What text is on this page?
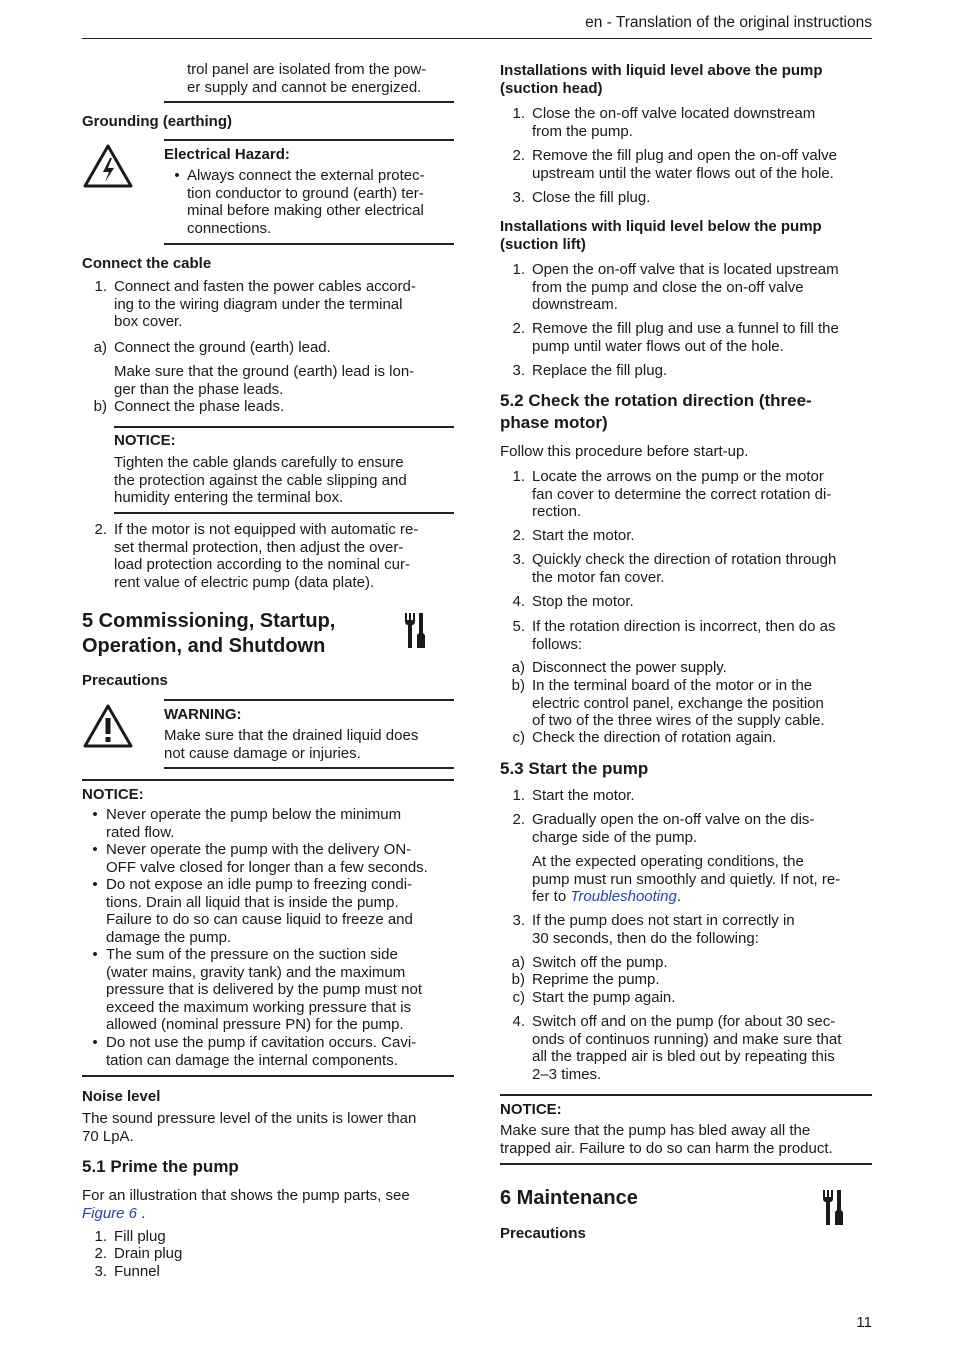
en - Translation of the original instructions
trol panel are isolated from the pow-
er supply and cannot be energized.
Grounding (earthing)
Electrical Hazard:
• Always connect the external protec-
tion conductor to ground (earth) ter-
minal before making other electrical
connections.
Connect the cable
1. Connect and fasten the power cables accord-
ing to the wiring diagram under the terminal
box cover.
a) Connect the ground (earth) lead.
Make sure that the ground (earth) lead is lon-
ger than the phase leads.
b) Connect the phase leads.
NOTICE:
Tighten the cable glands carefully to ensure
the protection against the cable slipping and
humidity entering the terminal box.
2. If the motor is not equipped with automatic re-
set thermal protection, then adjust the over-
load protection according to the nominal cur-
rent value of electric pump (data plate).
5 Commissioning, Startup,
Operation, and Shutdown
Precautions
WARNING:
Make sure that the drained liquid does
not cause damage or injuries.
NOTICE:
• Never operate the pump below the minimum
rated flow.
• Never operate the pump with the delivery ON-
OFF valve closed for longer than a few seconds.
• Do not expose an idle pump to freezing condi-
tions. Drain all liquid that is inside the pump.
Failure to do so can cause liquid to freeze and
damage the pump.
• The sum of the pressure on the suction side
(water mains, gravity tank) and the maximum
pressure that is delivered by the pump must not
exceed the maximum working pressure that is
allowed (nominal pressure PN) for the pump.
• Do not use the pump if cavitation occurs. Cavi-
tation can damage the internal components.
Noise level
The sound pressure level of the units is lower than
70 LpA.
5.1 Prime the pump
For an illustration that shows the pump parts, see
Figure 6 .
1. Fill plug
2. Drain plug
3. Funnel
Installations with liquid level above the pump
(suction head)
1. Close the on-off valve located downstream
from the pump.
2. Remove the fill plug and open the on-off valve
upstream until the water flows out of the hole.
3. Close the fill plug.
Installations with liquid level below the pump
(suction lift)
1. Open the on-off valve that is located upstream
from the pump and close the on-off valve
downstream.
2. Remove the fill plug and use a funnel to fill the
pump until water flows out of the hole.
3. Replace the fill plug.
5.2 Check the rotation direction (three-
phase motor)
Follow this procedure before start-up.
1. Locate the arrows on the pump or the motor
fan cover to determine the correct rotation di-
rection.
2. Start the motor.
3. Quickly check the direction of rotation through
the motor fan cover.
4. Stop the motor.
5. If the rotation direction is incorrect, then do as
follows:
a) Disconnect the power supply.
b) In the terminal board of the motor or in the
electric control panel, exchange the position
of two of the three wires of the supply cable.
c) Check the direction of rotation again.
5.3 Start the pump
1. Start the motor.
2. Gradually open the on-off valve on the dis-
charge side of the pump.
At the expected operating conditions, the
pump must run smoothly and quietly. If not, re-
fer to Troubleshooting.
3. If the pump does not start in correctly in
30 seconds, then do the following:
a) Switch off the pump.
b) Reprime the pump.
c) Start the pump again.
4. Switch off and on the pump (for about 30 sec-
onds of continuos running) and make sure that
all the trapped air is bled out by repeating this
2–3 times.
NOTICE:
Make sure that the pump has bled away all the
trapped air. Failure to do so can harm the product.
6 Maintenance
Precautions
11
